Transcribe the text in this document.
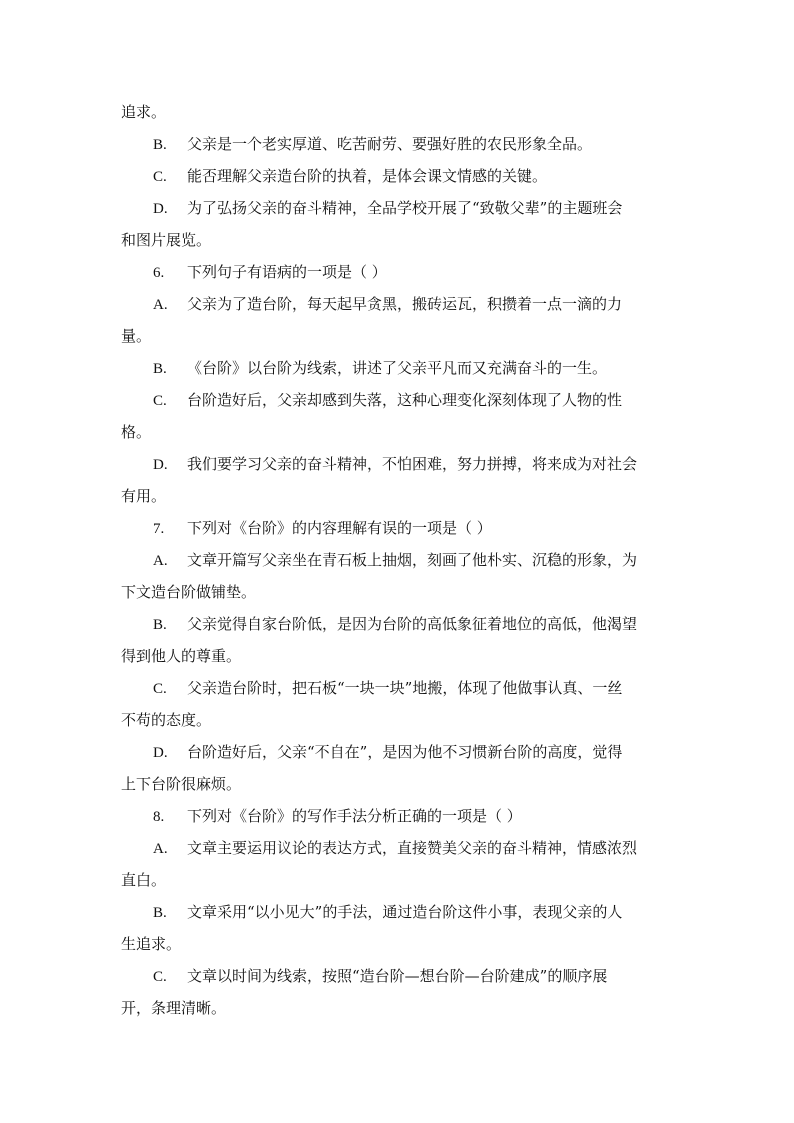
追求。

B. 父亲是一个老实厚道、吃苦耐劳、要强好胜的农民形象全品。

C. 能否理解父亲造台阶的执着，是体会课文情感的关键。

D. 为了弘扬父亲的奋斗精神，全品学校开展了“致敬父辈”的主题班会

和图片展览。

6. 下列句子有语病的一项是（ ）

A. 父亲为了造台阶，每天起早贪黑，搬砖运瓦，积攒着一点一滴的力

量。

B. 《台阶》以台阶为线索，讲述了父亲平凡而又充满奋斗的一生。

C. 台阶造好后，父亲却感到失落，这种心理变化深刻体现了人物的性

格。

D. 我们要学习父亲的奋斗精神，不怕困难，努力拼搏，将来成为对社会

有用。

7. 下列对《台阶》的内容理解有误的一项是（ ）

A. 文章开篇写父亲坐在青石板上抽烟，刻画了他朴实、沉稳的形象，为

下文造台阶做铺垫。

B. 父亲觉得自家台阶低，是因为台阶的高低象征着地位的高低，他渴望

得到他人的尊重。

C. 父亲造台阶时，把石板“一块一块”地搬，体现了他做事认真、一丝

不苟的态度。

D. 台阶造好后，父亲“不自在”，是因为他不习惯新台阶的高度，觉得

上下台阶很麻烦。

8. 下列对《台阶》的写作手法分析正确的一项是（ ）

A. 文章主要运用议论的表达方式，直接赞美父亲的奋斗精神，情感浓烈

直白。

B. 文章采用“以小见大”的手法，通过造台阶这件小事，表现父亲的人

生追求。

C. 文章以时间为线索，按照“造台阶—想台阶—台阶建成”的顺序展

开，条理清晰。
